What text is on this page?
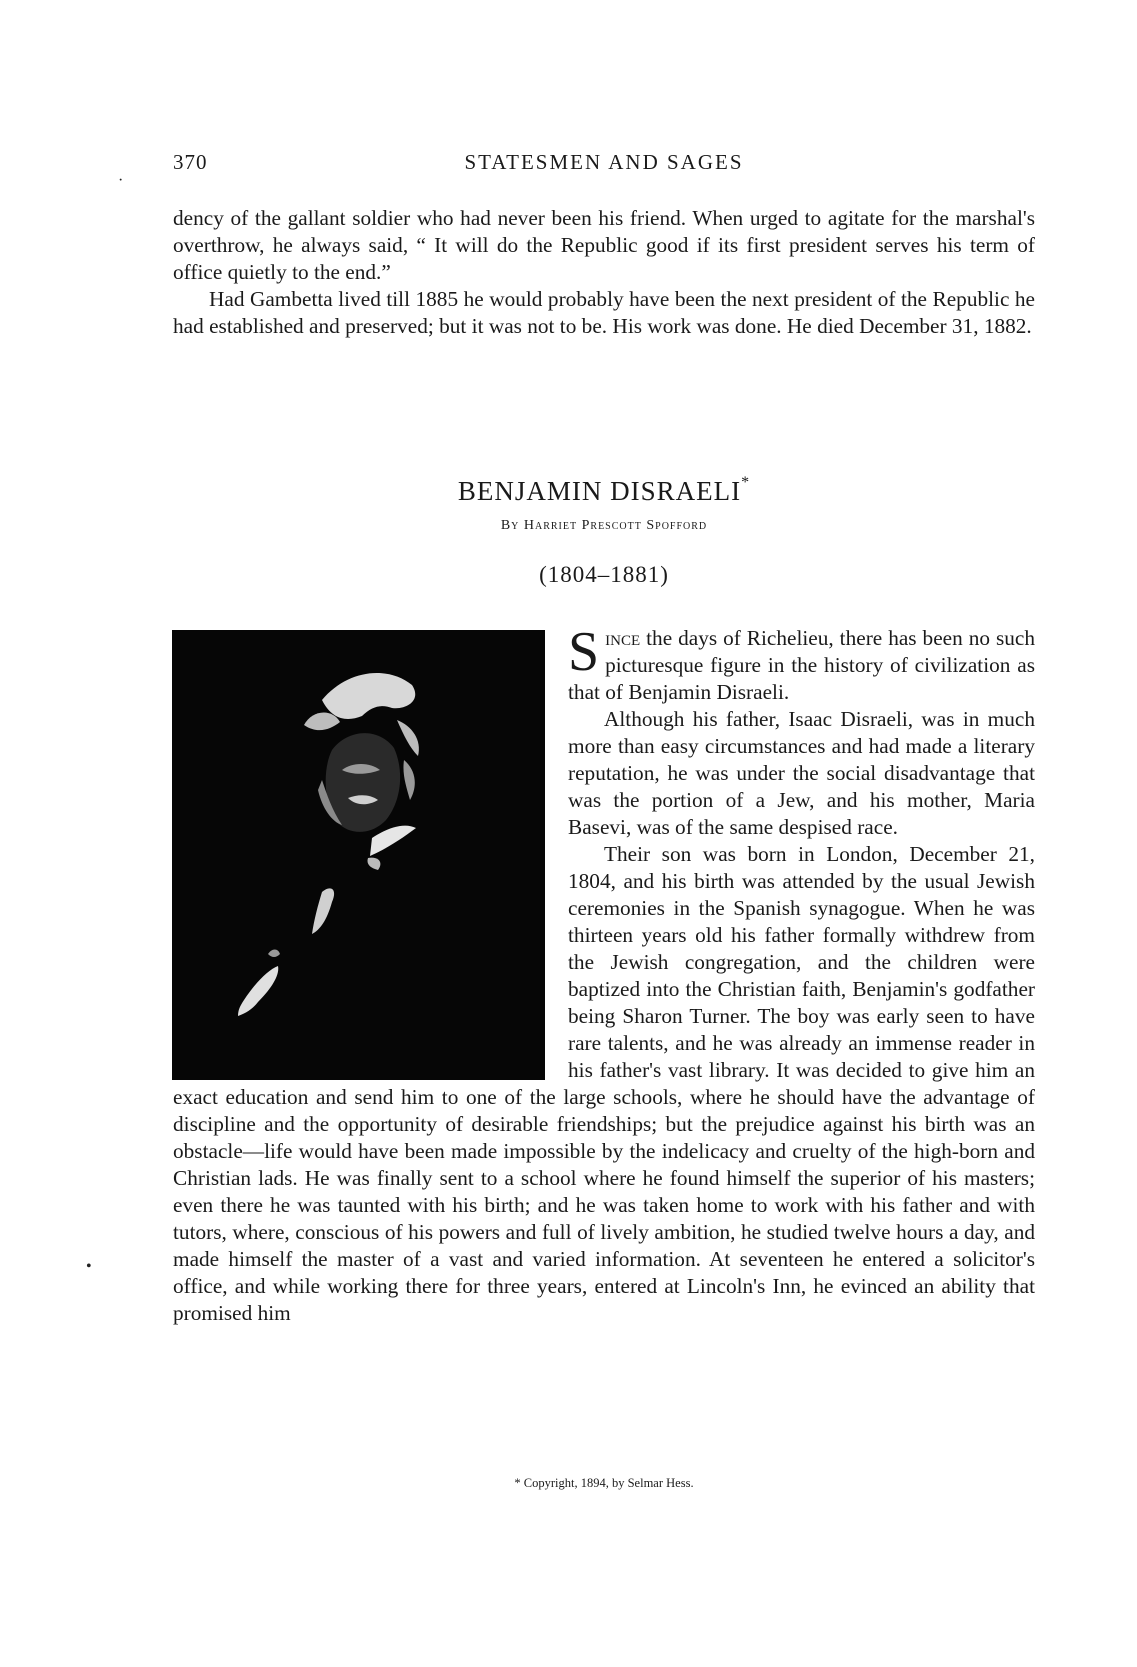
370	STATESMEN AND SAGES

dency of the gallant soldier who had never been his friend. When urged to agitate for the marshal's overthrow, he always said, “ It will do the Republic good if its first president serves his term of office quietly to the end.”

Had Gambetta lived till 1885 he would probably have been the next president of the Republic he had established and preserved; but it was not to be. His work was done. He died December 31, 1882.

BENJAMIN DISRAELI*
By Harriet Prescott Spofford
(1804–1881)

Since the days of Richelieu, there has been no such picturesque figure in the history of civilization as that of Benjamin Disraeli.

Although his father, Isaac Disraeli, was in much more than easy circumstances and had made a literary reputation, he was under the social disadvantage that was the portion of a Jew, and his mother, Maria Basevi, was of the same despised race.

Their son was born in London, December 21, 1804, and his birth was attended by the usual Jewish ceremonies in the Spanish synagogue. When he was thirteen years old his father formally withdrew from the Jewish congregation, and the children were baptized into the Christian faith, Benjamin's godfather being Sharon Turner. The boy was early seen to have rare talents, and he was already an immense reader in his father's vast library. It was decided to give him an exact education and send him to one of the large schools, where he should have the advantage of discipline and the opportunity of desirable friendships; but the prejudice against his birth was an obstacle—life would have been made impossible by the indelicacy and cruelty of the high-born and Christian lads. He was finally sent to a school where he found himself the superior of his masters; even there he was taunted with his birth; and he was taken home to work with his father and with tutors, where, conscious of his powers and full of lively ambition, he studied twelve hours a day, and made himself the master of a vast and varied information. At seventeen he entered a solicitor's office, and while working there for three years, entered at Lincoln's Inn, he evinced an ability that promised him

* Copyright, 1894, by Selmar Hess.
·
•
